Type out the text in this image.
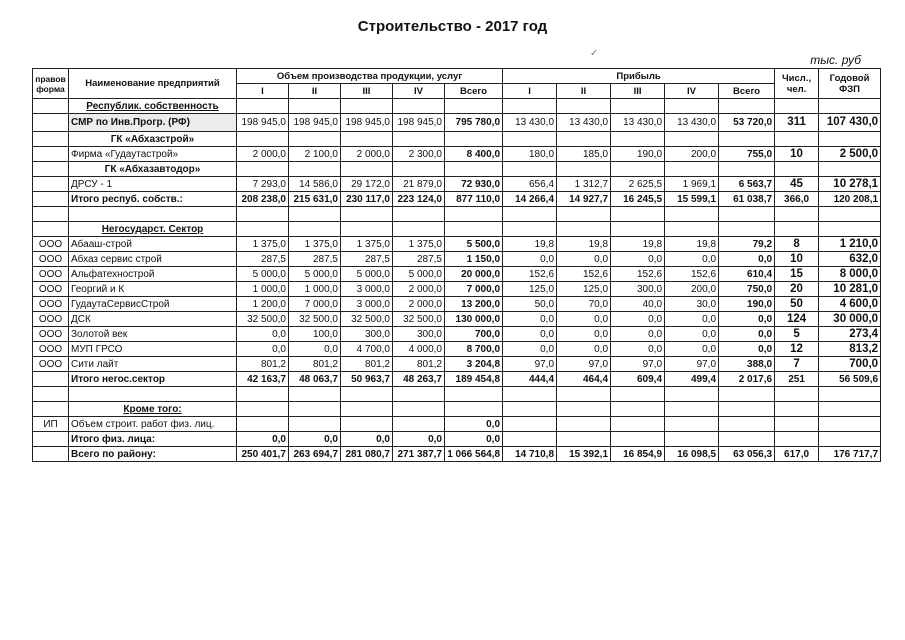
Строительство - 2017 год
✓	тыс. руб
правов форма	Наименование предприятий	Объем производства продукции, услуг					Прибыль					Числ., чел.	Годовой ФЗП
		I	II	III	IV	Всего	I	II	III	IV	Всего		
	Республик. собственность												
	СМР по Инв.Прогр. (РФ)	198 945,0	198 945,0	198 945,0	198 945,0	795 780,0	13 430,0	13 430,0	13 430,0	13 430,0	53 720,0	311	107 430,0
	ГК «Абхазстрой»												
	Фирма «Гудаутастрой»	2 000,0	2 100,0	2 000,0	2 300,0	8 400,0	180,0	185,0	190,0	200,0	755,0	10	2 500,0
	ГК «Абхазавтодор»												
	ДРСУ - 1	7 293,0	14 586,0	29 172,0	21 879,0	72 930,0	656,4	1 312,7	2 625,5	1 969,1	6 563,7	45	10 278,1
	Итого респуб. собств.:	208 238,0	215 631,0	230 117,0	223 124,0	877 110,0	14 266,4	14 927,7	16 245,5	15 599,1	61 038,7	366,0	120 208,1

	Негосударст. Сектор												
ООО	Абааш-строй	1 375,0	1 375,0	1 375,0	1 375,0	5 500,0	19,8	19,8	19,8	19,8	79,2	8	1 210,0
ООО	Абхаз сервис строй	287,5	287,5	287,5	287,5	1 150,0	0,0	0,0	0,0	0,0	0,0	10	632,0
ООО	Альфатехнострой	5 000,0	5 000,0	5 000,0	5 000,0	20 000,0	152,6	152,6	152,6	152,6	610,4	15	8 000,0
ООО	Георгий и К	1 000,0	1 000,0	3 000,0	2 000,0	7 000,0	125,0	125,0	300,0	200,0	750,0	20	10 281,0
ООО	ГудаутаСервисСтрой	1 200,0	7 000,0	3 000,0	2 000,0	13 200,0	50,0	70,0	40,0	30,0	190,0	50	4 600,0
ООО	ДСК	32 500,0	32 500,0	32 500,0	32 500,0	130 000,0	0,0	0,0	0,0	0,0	0,0	124	30 000,0
ООО	Золотой век	0,0	100,0	300,0	300,0	700,0	0,0	0,0	0,0	0,0	0,0	5	273,4
ООО	МУП ГРСО	0,0	0,0	4 700,0	4 000,0	8 700,0	0,0	0,0	0,0	0,0	0,0	12	813,2
ООО	Сити лайт	801,2	801,2	801,2	801,2	3 204,8	97,0	97,0	97,0	97,0	388,0	7	700,0
	Итого негос.сектор	42 163,7	48 063,7	50 963,7	48 263,7	189 454,8	444,4	464,4	609,4	499,4	2 017,6	251	56 509,6

	Кроме того:												
ИП	Объем строит. работ физ. лиц.					0,0							
	Итого физ. лица:	0,0	0,0	0,0	0,0	0,0							
	Всего по району:	250 401,7	263 694,7	281 080,7	271 387,7	1 066 564,8	14 710,8	15 392,1	16 854,9	16 098,5	63 056,3	617,0	176 717,7
